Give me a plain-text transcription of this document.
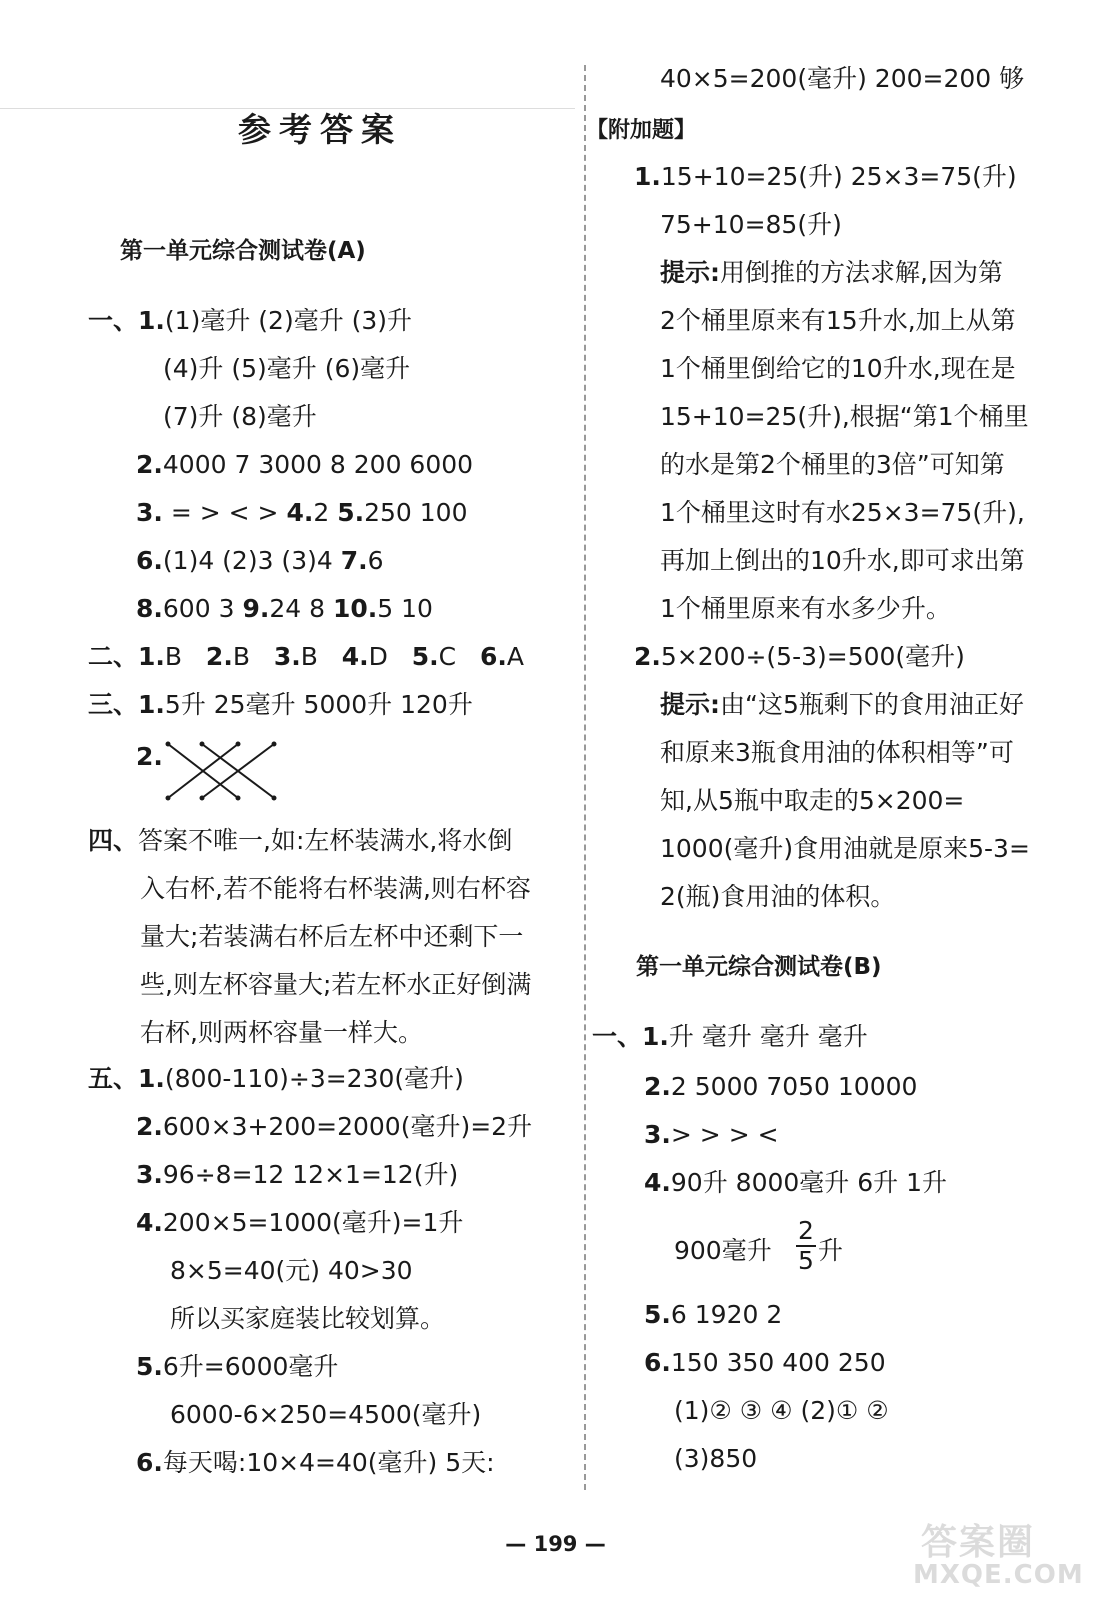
参考答案
第一单元综合测试卷(A)
一、1.(1)毫升 (2)毫升 (3)升
(4)升 (5)毫升 (6)毫升
(7)升 (8)毫升
2.4000 7 3000 8 200 6000
3. = > < > 4.2 5.250 100
6.(1)4 (2)3 (3)4 7.6
8.600 3 9.24 8 10.5 10
二、1.B 2.B 3.B 4.D 5.C 6.A
三、1.5升 25毫升 5000升 120升
2.
四、答案不唯一,如:左杯装满水,将水倒
入右杯,若不能将右杯装满,则右杯容
量大;若装满右杯后左杯中还剩下一
些,则左杯容量大;若左杯水正好倒满
右杯,则两杯容量一样大。
五、1.(800-110)÷3=230(毫升)
2.600×3+200=2000(毫升)=2升
3.96÷8=12 12×1=12(升)
4.200×5=1000(毫升)=1升
8×5=40(元) 40>30
所以买家庭装比较划算。
5.6升=6000毫升
6000-6×250=4500(毫升)
6.每天喝:10×4=40(毫升) 5天:
40×5=200(毫升) 200=200 够
【附加题】
1.15+10=25(升) 25×3=75(升)
75+10=85(升)
提示:用倒推的方法求解,因为第
2个桶里原来有15升水,加上从第
1个桶里倒给它的10升水,现在是
15+10=25(升),根据“第1个桶里
的水是第2个桶里的3倍”可知第
1个桶里这时有水25×3=75(升),
再加上倒出的10升水,即可求出第
1个桶里原来有水多少升。
2.5×200÷(5-3)=500(毫升)
提示:由“这5瓶剩下的食用油正好
和原来3瓶食用油的体积相等”可
知,从5瓶中取走的5×200=
1000(毫升)食用油就是原来5-3=
2(瓶)食用油的体积。
第一单元综合测试卷(B)
一、1.升 毫升 毫升 毫升
2.2 5000 7050 10000
3.> > > <
4.90升 8000毫升 6升 1升
900毫升
2
5 升
5.6 1920 2
6.150 350 400 250
(1)② ③ ④ (2)① ②
(3)850
— 199 —	答案圈
MXQE.COM
